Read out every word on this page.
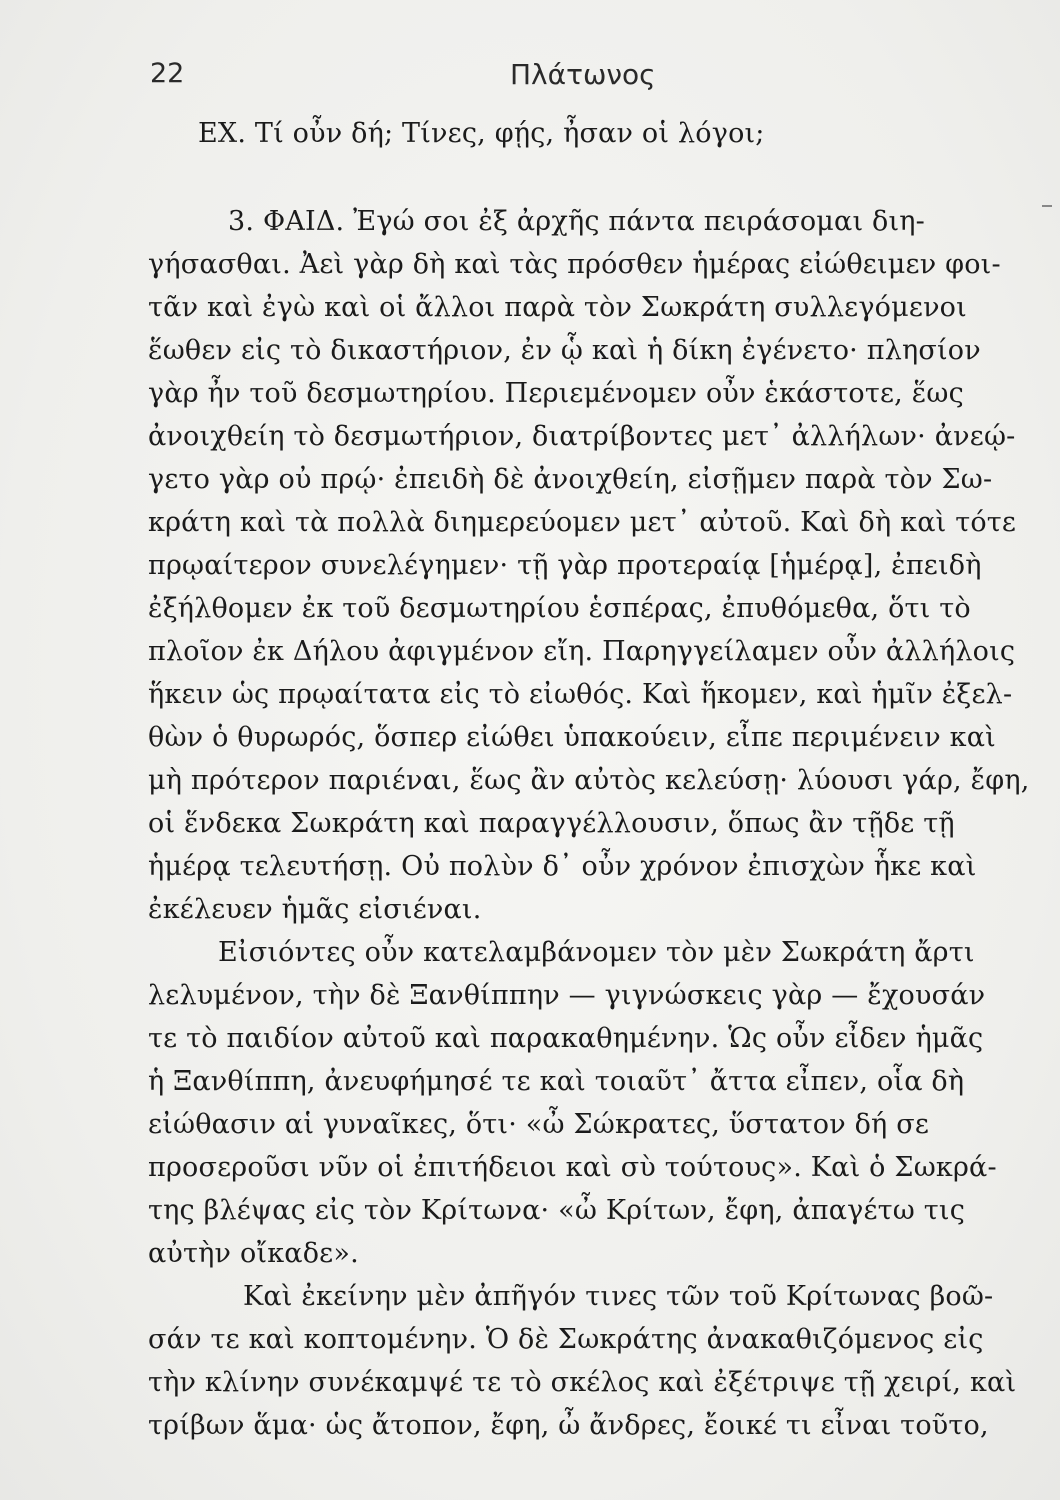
22	Πλάτωνος
ΕΧ. Τί οὖν δή; Τίνες, φῄς, ἦσαν οἱ λόγοι;
3. ΦΑΙΔ. Ἐγώ σοι ἐξ ἀρχῆς πάντα πειράσομαι διη-
γήσασθαι. Ἀεὶ γὰρ δὴ καὶ τὰς πρόσθεν ἡμέρας εἰώθειμεν φοι-
τᾶν καὶ ἐγὼ καὶ οἱ ἄλλοι παρὰ τὸν Σωκράτη συλλεγόμενοι
ἕωθεν εἰς τὸ δικαστήριον, ἐν ᾧ καὶ ἡ δίκη ἐγένετο· πλησίον
γὰρ ἦν τοῦ δεσμωτηρίου. Περιεμένομεν οὖν ἑκάστοτε, ἕως
ἀνοιχθείη τὸ δεσμωτήριον, διατρίβοντες μετ᾿ ἀλλήλων· ἀνεῴ-
γετο γὰρ οὐ πρῴ· ἐπειδὴ δὲ ἀνοιχθείη, εἰσῇμεν παρὰ τὸν Σω-
κράτη καὶ τὰ πολλὰ διημερεύομεν μετ᾿ αὐτοῦ. Καὶ δὴ καὶ τότε
πρῳαίτερον συνελέγημεν· τῇ γὰρ προτεραίᾳ [ἡμέρᾳ], ἐπειδὴ
ἐξήλθομεν ἐκ τοῦ δεσμωτηρίου ἑσπέρας, ἐπυθόμεθα, ὅτι τὸ
πλοῖον ἐκ Δήλου ἀφιγμένον εἴη. Παρηγγείλαμεν οὖν ἀλλήλοις
ἥκειν ὡς πρῳαίτατα εἰς τὸ εἰωθός. Καὶ ἥκομεν, καὶ ἡμῖν ἐξελ-
θὼν ὁ θυρωρός, ὅσπερ εἰώθει ὑπακούειν, εἶπε περιμένειν καὶ
μὴ πρότερον παριέναι, ἕως ἂν αὐτὸς κελεύσῃ· λύουσι γάρ, ἔφη,
οἱ ἕνδεκα Σωκράτη καὶ παραγγέλλουσιν, ὅπως ἂν τῇδε τῇ
ἡμέρᾳ τελευτήσῃ. Οὐ πολὺν δ᾿ οὖν χρόνον ἐπισχὼν ἧκε καὶ
ἐκέλευεν ἡμᾶς εἰσιέναι.
Εἰσιόντες οὖν κατελαμβάνομεν τὸν μὲν Σωκράτη ἄρτι
λελυμένον, τὴν δὲ Ξανθίππην — γιγνώσκεις γὰρ — ἔχουσάν
τε τὸ παιδίον αὐτοῦ καὶ παρακαθημένην. Ὡς οὖν εἶδεν ἡμᾶς
ἡ Ξανθίππη, ἀνευφήμησέ τε καὶ τοιαῦτ᾿ ἄττα εἶπεν, οἷα δὴ
εἰώθασιν αἱ γυναῖκες, ὅτι· «ὦ Σώκρατες, ὕστατον δή σε
προσεροῦσι νῦν οἱ ἐπιτήδειοι καὶ σὺ τούτους». Καὶ ὁ Σωκρά-
της βλέψας εἰς τὸν Κρίτωνα· «ὦ Κρίτων, ἔφη, ἀπαγέτω τις
αὐτὴν οἴκαδε».
Καὶ ἐκείνην μὲν ἀπῆγόν τινες τῶν τοῦ Κρίτωνας βοῶ-
σάν τε καὶ κοπτομένην. Ὁ δὲ Σωκράτης ἀνακαθιζόμενος εἰς
τὴν κλίνην συνέκαμψέ τε τὸ σκέλος καὶ ἐξέτριψε τῇ χειρί, καὶ
τρίβων ἅμα· ὡς ἄτοπον, ἔφη, ὦ ἄνδρες, ἔοικέ τι εἶναι τοῦτο,
